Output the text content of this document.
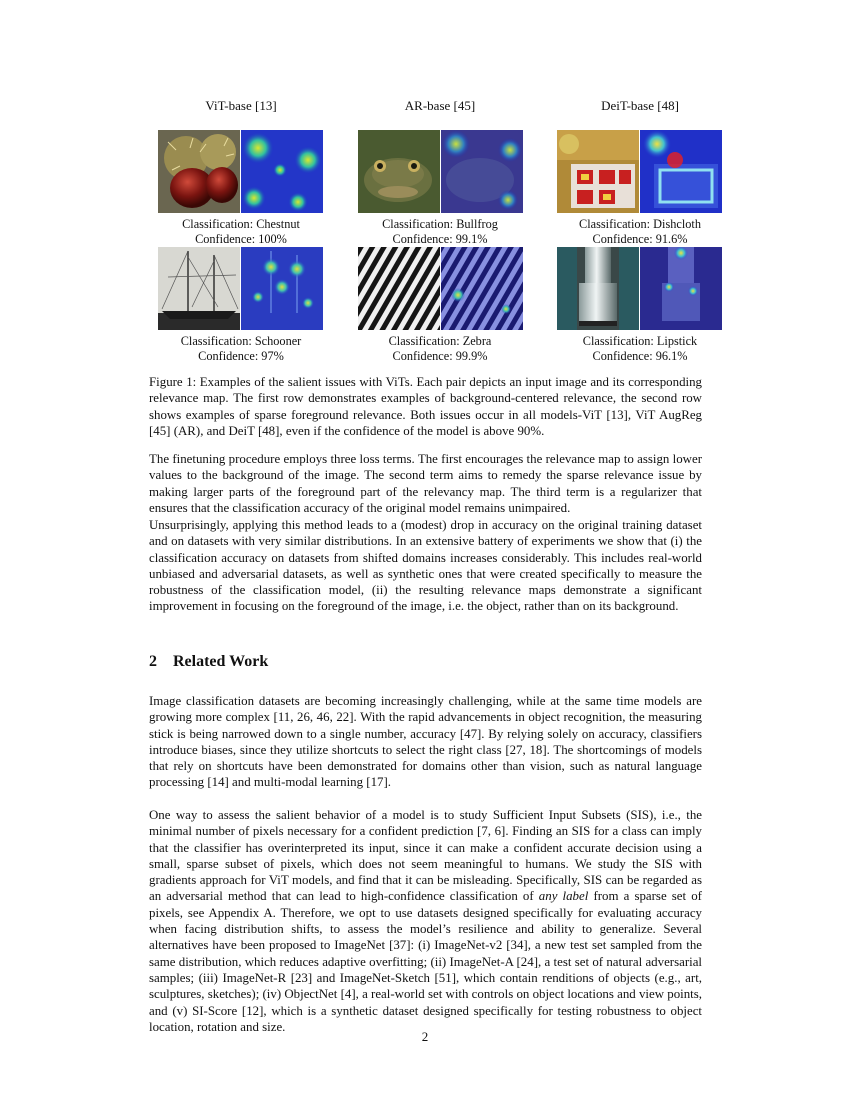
ViT-base [13]	AR-base [45]	DeiT-base [48]
Classification: Chestnut
Confidence: 100%
Classification: Bullfrog
Confidence: 99.1%
Classification: Dishcloth
Confidence: 91.6%
Classification: Schooner
Confidence: 97%
Classification: Zebra
Confidence: 99.9%
Classification: Lipstick
Confidence: 96.1%
Figure 1: Examples of the salient issues with ViTs. Each pair depicts an input image and its corresponding relevance map. The first row demonstrates examples of background-centered relevance, the second row shows examples of sparse foreground relevance. Both issues occur in all models-ViT [13], ViT AugReg [45] (AR), and DeiT [48], even if the confidence of the model is above 90%.

The finetuning procedure employs three loss terms. The first encourages the relevance map to assign lower values to the background of the image. The second term aims to remedy the sparse relevance issue by making larger parts of the foreground part of the relevancy map. The third term is a regularizer that ensures that the classification accuracy of the original model remains unimpaired.

Unsurprisingly, applying this method leads to a (modest) drop in accuracy on the original training dataset and on datasets with very similar distributions. In an extensive battery of experiments we show that (i) the classification accuracy on datasets from shifted domains increases considerably. This includes real-world unbiased and adversarial datasets, as well as synthetic ones that were created specifically to measure the robustness of the classification model, (ii) the resulting relevance maps demonstrate a significant improvement in focusing on the foreground of the image, i.e. the object, rather than on its background.

2 Related Work

Image classification datasets are becoming increasingly challenging, while at the same time models are growing more complex [11, 26, 46, 22]. With the rapid advancements in object recognition, the measuring stick is being narrowed down to a single number, accuracy [47]. By relying solely on accuracy, classifiers introduce biases, since they utilize shortcuts to select the right class [27, 18]. The shortcomings of models that rely on shortcuts have been demonstrated for domains other than vision, such as natural language processing [14] and multi-modal learning [17].

One way to assess the salient behavior of a model is to study Sufficient Input Subsets (SIS), i.e., the minimal number of pixels necessary for a confident prediction [7, 6]. Finding an SIS for a class can imply that the classifier has overinterpreted its input, since it can make a confident accurate decision using a small, sparse subset of pixels, which does not seem meaningful to humans. We study the SIS with gradients approach for ViT models, and find that it can be misleading. Specifically, SIS can be regarded as an adversarial method that can lead to high-confidence classification of any label from a sparse set of pixels, see Appendix A. Therefore, we opt to use datasets designed specifically for evaluating accuracy when facing distribution shifts, to assess the model’s resilience and ability to generalize. Several alternatives have been proposed to ImageNet [37]: (i) ImageNet-v2 [34], a new test set sampled from the same distribution, which reduces adaptive overfitting; (ii) ImageNet-A [24], a test set of natural adversarial samples; (iii) ImageNet-R [23] and ImageNet-Sketch [51], which contain renditions of objects (e.g., art, sculptures, sketches); (iv) ObjectNet [4], a real-world set with controls on object locations and view points, and (v) SI-Score [12], which is a synthetic dataset designed specifically for testing robustness to object location, rotation and size.

2
